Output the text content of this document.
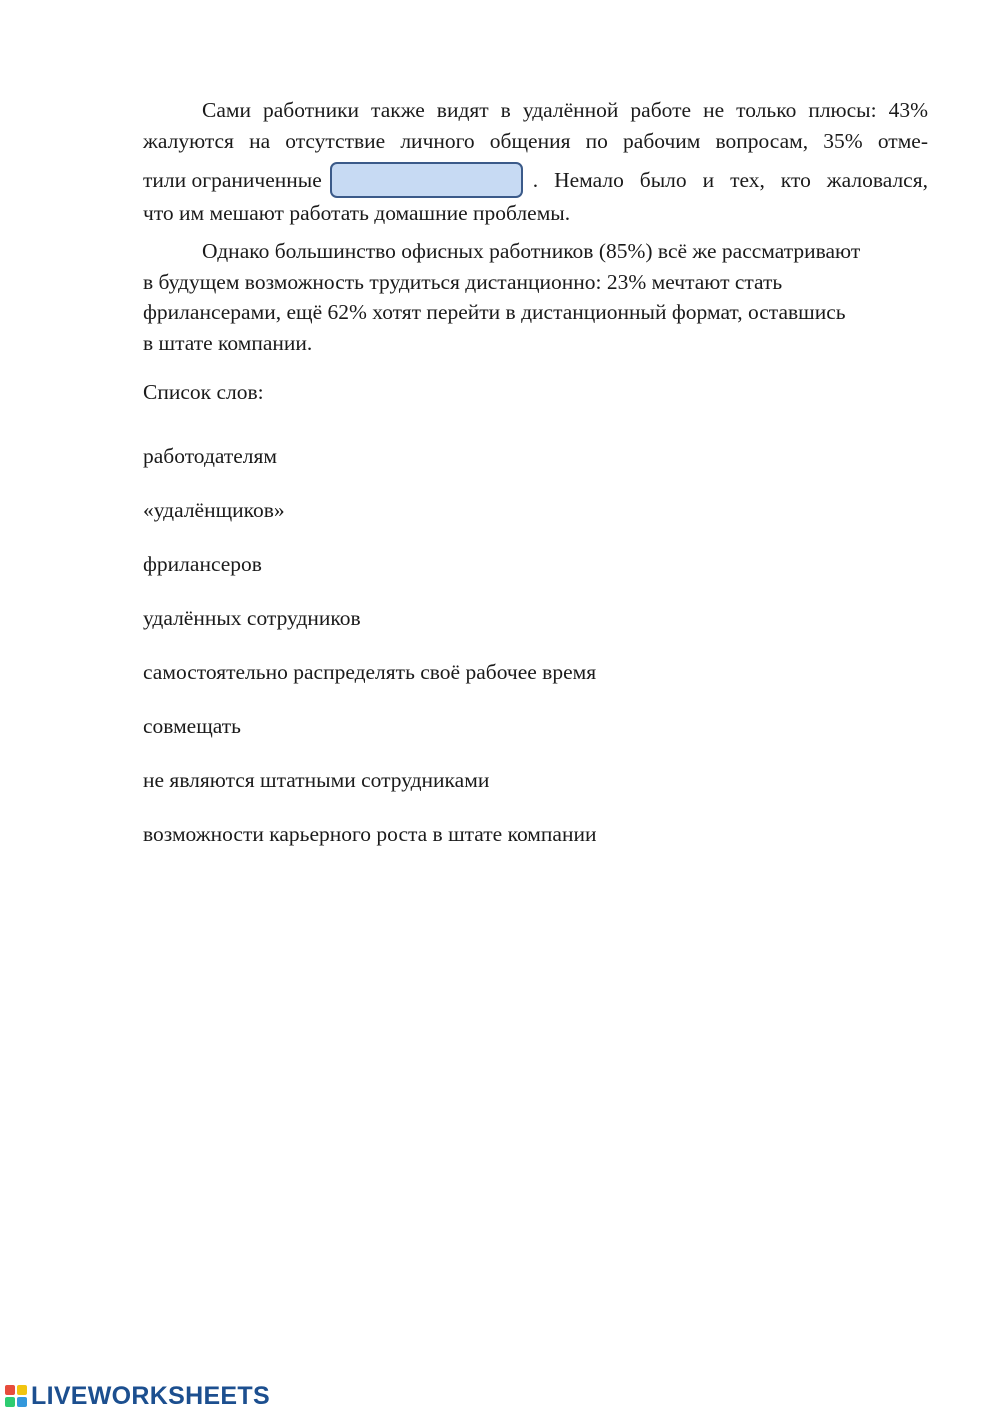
Сами работники также видят в удалённой работе не только плюсы: 43%
жалуются на отсутствие личного общения по рабочим вопросам, 35% отме-
тили ограниченные	. Немало было и тех, кто жаловался,
что им мешают работать домашние проблемы.
Однако большинство офисных работников (85%) всё же рассматривают
в будущем возможность трудиться дистанционно: 23% мечтают стать
фрилансерами, ещё 62% хотят перейти в дистанционный формат, оставшись
в штате компании.

Список слов:

работодателям

«удалёнщиков»

фрилансеров

удалённых сотрудников

самостоятельно распределять своё рабочее время

совмещать

не являются штатными сотрудниками

возможности карьерного роста в штате компании

LIVEWORKSHEETS
